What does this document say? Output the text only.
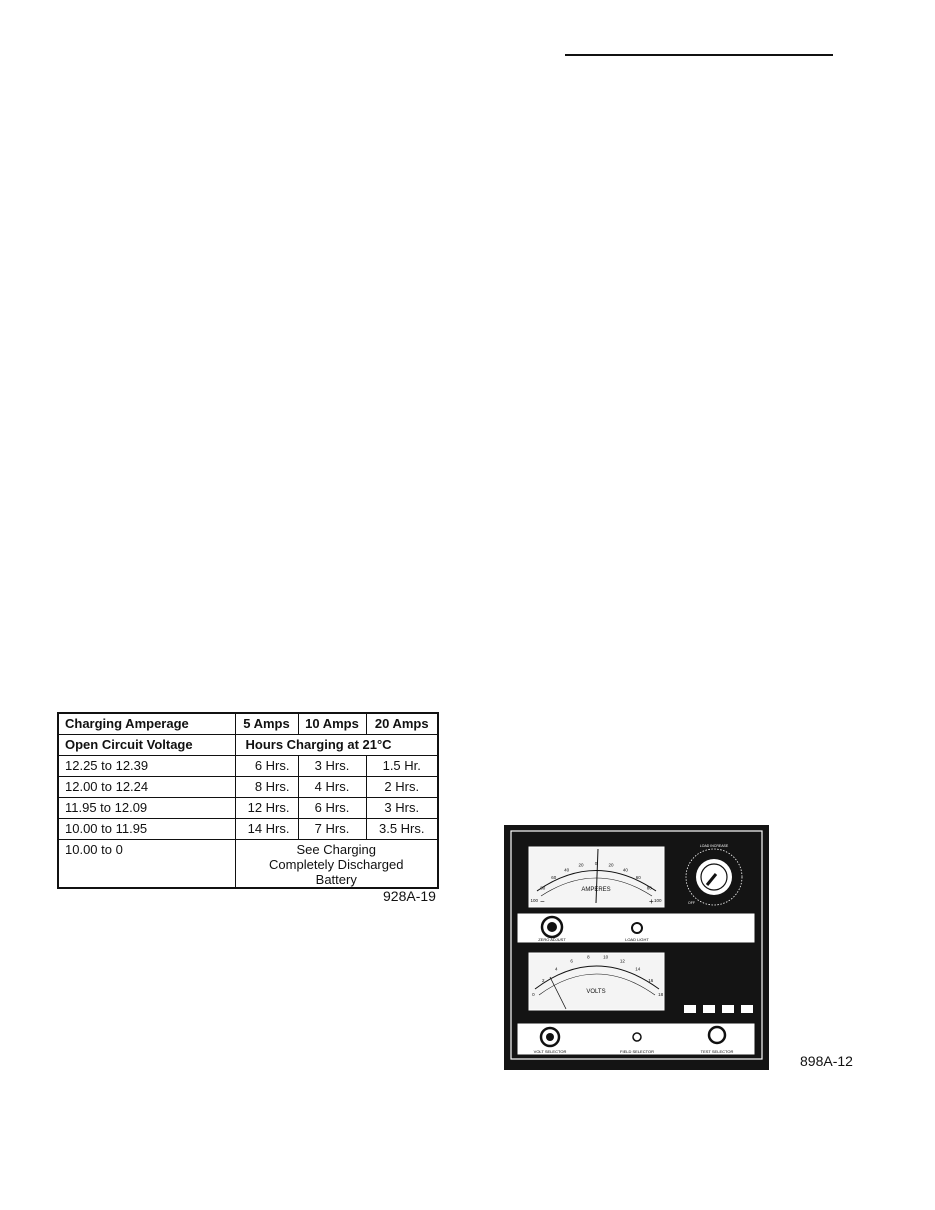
Charging Amperage	5 Amps	10 Amps	20 Amps
Open Circuit Voltage	Hours Charging at 21°C		
12.25 to 12.39	6 Hrs.	3 Hrs.	1.5 Hr.
12.00 to 12.24	8 Hrs.	4 Hrs.	2 Hrs.
11.95 to 12.09	12 Hrs.	6 Hrs.	3 Hrs.
10.00 to 11.95	14 Hrs.	7 Hrs.	3.5 Hrs.
10.00 to 0	See Charging Completely Discharged Battery		
928A-19	100
80
60
40
20 0 20
40
60
80
100
AMPERES
−	+
LOAD INCREASE
OFF
ZERO ADJUST	LOAD LIGHT
0
2
4
6
8	10
12
14
16
18
VOLTS
VOLT SELECTOR	FIELD SELECTOR	TEST SELECTOR
898A-12
